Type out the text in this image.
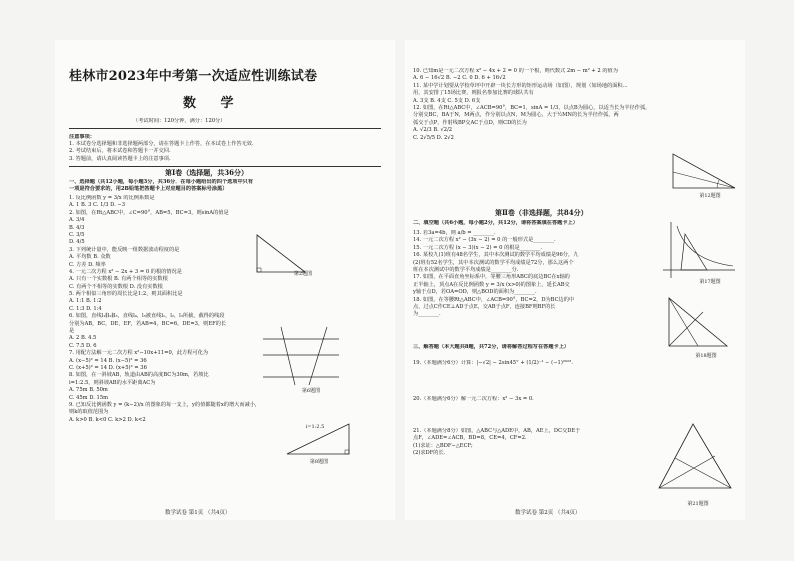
桂林市2023年中考第一次适应性训练试卷
数 学
（考试时间：120分钟，满分：120分）
注意事项：
1. 本试卷分选择题和非选择题两部分，请在答题卡上作答，在本试卷上作答无效.
2. 考试结束后，将本试卷和答题卡一并交回.
3. 答题前，请认真阅读答题卡上的注意事项.
第Ⅰ卷（选择题，共36分）
一、选择题（共12小题，每小题3分，共36分．在每小题给出的四个选项中只有
一项是符合要求的，用2B铅笔把答题卡上对应题目的答案标号涂黑）
1. 反比例函数 y = 3/x 的比例系数是
A. 1 B. 3 C. 1/3 D. −3
2. 如图，在Rt△ABC中，∠C=90°，AB=5，BC=3，则sinA的值是
A. 3/4
B. 4/3
C. 3/5
D. 4/5
3. 下列统计量中，能反映一组数据波动程度的是
A. 平均数 B. 众数
C. 方差 D. 频率
4. 一元二次方程 x² − 2x + 3 = 0 的根的情况是
A. 只有一个实数根 B. 有两个相等的实数根
C. 有两个不相等的实数根 D. 没有实数根
5. 两个相似三角形的周长比是1:2，则其面积比是
A. 1:1 B. 1:2
C. 1:3 D. 1:4
6. 如图，直线l₁∥l₂∥l₃，直线l₄，l₅被直线l₁，l₂，l₃所截，截得的线段
分别为AB，BC，DE，EF，若AB=4，BC=6，DE=3，则EF的长
是
A. 2 B. 4.5
C. 7.5 D. 6
7. 用配方法解一元二次方程 x²−10x+11=0，此方程可化为
A. (x−5)² = 14 B. (x−5)² = 36
C. (x+5)² = 14 D. (x+5)² = 36
8. 如图，在一斜坡AB，轨道由AB的高度BC为30m，若坡比
i=1:2.5，则斜坡AB的水平距离AC为
A. 75m B. 50m
C. 45m D. 15m
9. 已知反比例函数 y = (k−2)/x 的图象的每一支上，y的值都随着x的增大而减小，
则k的取值范围为
A. k>0 B. k<0 C. k>2 D. k<2
第2题图
第6题图
i=1:2.5
第8题图
数学试卷 第1页 （共4页）
10. 已知m是一元二次方程 x² − 4x + 2 = 0 的一个根，则代数式 2m − m² + 2 的值为
A. 6 − 16√2 B. −2 C. 0 D. 6 + 16√2
11. 某中学计划要从学校草坪中开辟一块长方形的矩形运动场（如图），规划（如场地的面积...
用，其安排了15场比赛，则报名参加比赛的球队共有
A. 3支 B. 4支 C. 5支 D. 6支
12. 如图，在Rt△ABC中，∠ACB=90°，BC=1，sinA = 1/3，以点B为圆心，以适当长为半径作弧，
分别交BC，BA于N，M两点，作分别以点N，M为圆心，大于½MN的长为半径作弧，两
弧交于点P，作射线BP交AC于点D，则CD的长为
A. √2/3 B. √2/2
C. 2√5/5 D. 2√2
第12题图
第Ⅱ卷（非选择题，共84分）
二、填空题（共6小题，每小题2分，共12分，请将答案填在答题卡上）
13. 若3a=4b，则 a/b = ________.
14. 一元二次方程 x² − (3x − 2) = 0 的一般形式是________.
15. 一元二次方程 (x − 3)(x − 2) = 0 的根是________.
16. 某校九(1)班有48名学生，其中本次测试的数学平均成绩是96分，九
(2)班有52名学生，其中本次测试的数学平均成绩是72分，那么这两个
班在本次测试中的数学平均成绩是________分.
17. 如图，在平面直角坐标系中，等腰三角形ABC的底边BC在x轴的
正半轴上，顶点A在反比例函数 y = 3/x (x>0)的图象上，延长AB交
y轴于点D，若OA=OD，则△BOD的面积为________.
18. 如图，在等腰Rt△ABC中，∠ACB=90°，BC=2，D为BC边的中
点，过点C作CE⊥AD于点E，交AB于点F，连接BF则BF的长
为________.
第17题图
第18题图
三、解答题（本大题共8题，共72分，请将解答过程写在答题卡上）
19.（本题满分6分）计算：|−√2| − 2sin45° + (1/2)⁻¹ − (−1)²⁰²³.
20.（本题满分6分）解一元二次方程：x² − 3x = 0.
21.（本题满分8分）如图，△ABC与△ADE中，AB，AE上，DC交DE于
点F，∠ADE=∠ACB，BD=8，CE=4，CF=2.
(1)求证：△BDF∽△ECF;
(2)求DF的长.
第21题图
数学试卷 第2页 （共4页）
